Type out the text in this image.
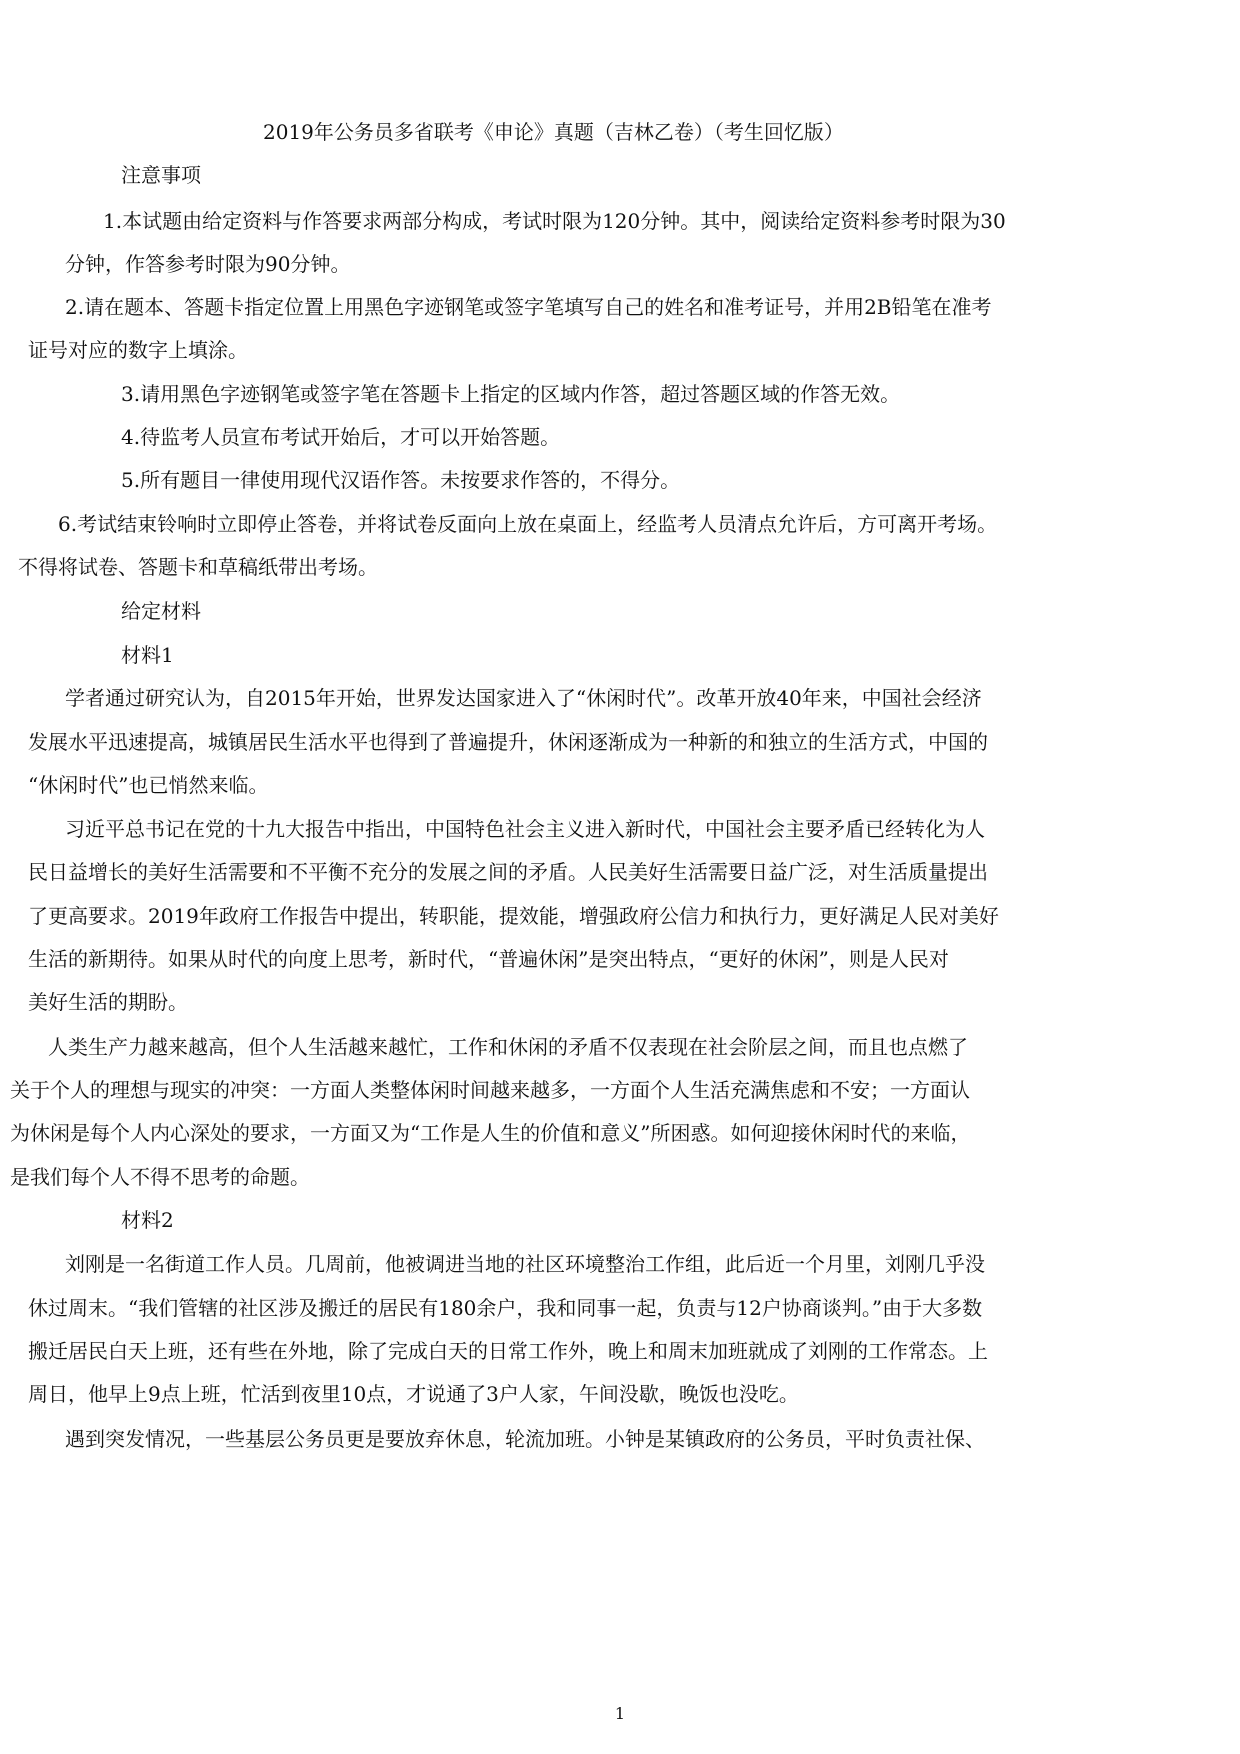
2019年公务员多省联考《申论》真题（吉林乙卷）（考生回忆版）

注意事项

1.本试题由给定资料与作答要求两部分构成，考试时限为120分钟。其中，阅读给定资料参考时限为30

分钟，作答参考时限为90分钟。

2.请在题本、答题卡指定位置上用黑色字迹钢笔或签字笔填写自己的姓名和准考证号，并用2B铅笔在准考

证号对应的数字上填涂。

3.请用黑色字迹钢笔或签字笔在答题卡上指定的区域内作答，超过答题区域的作答无效。

4.待监考人员宣布考试开始后，才可以开始答题。

5.所有题目一律使用现代汉语作答。未按要求作答的，不得分。

6.考试结束铃响时立即停止答卷，并将试卷反面向上放在桌面上，经监考人员清点允许后，方可离开考场。

不得将试卷、答题卡和草稿纸带出考场。

给定材料

材料1

学者通过研究认为，自2015年开始，世界发达国家进入了“休闲时代”。改革开放40年来，中国社会经济

发展水平迅速提高，城镇居民生活水平也得到了普遍提升，休闲逐渐成为一种新的和独立的生活方式，中国的

“休闲时代”也已悄然来临。

习近平总书记在党的十九大报告中指出，中国特色社会主义进入新时代，中国社会主要矛盾已经转化为人

民日益增长的美好生活需要和不平衡不充分的发展之间的矛盾。人民美好生活需要日益广泛，对生活质量提出

了更高要求。2019年政府工作报告中提出，转职能，提效能，增强政府公信力和执行力，更好满足人民对美好

生活的新期待。如果从时代的向度上思考，新时代，“普遍休闲”是突出特点，“更好的休闲”，则是人民对

美好生活的期盼。

人类生产力越来越高，但个人生活越来越忙，工作和休闲的矛盾不仅表现在社会阶层之间，而且也点燃了

关于个人的理想与现实的冲突：一方面人类整体闲时间越来越多，一方面个人生活充满焦虑和不安；一方面认

为休闲是每个人内心深处的要求，一方面又为“工作是人生的价值和意义”所困惑。如何迎接休闲时代的来临，

是我们每个人不得不思考的命题。

材料2

刘刚是一名街道工作人员。几周前，他被调进当地的社区环境整治工作组，此后近一个月里，刘刚几乎没

休过周末。“我们管辖的社区涉及搬迁的居民有180余户，我和同事一起，负责与12户协商谈判。”由于大多数

搬迁居民白天上班，还有些在外地，除了完成白天的日常工作外，晚上和周末加班就成了刘刚的工作常态。上

周日，他早上9点上班，忙活到夜里10点，才说通了3户人家，午间没歇，晚饭也没吃。

遇到突发情况，一些基层公务员更是要放弃休息，轮流加班。小钟是某镇政府的公务员，平时负责社保、

1
